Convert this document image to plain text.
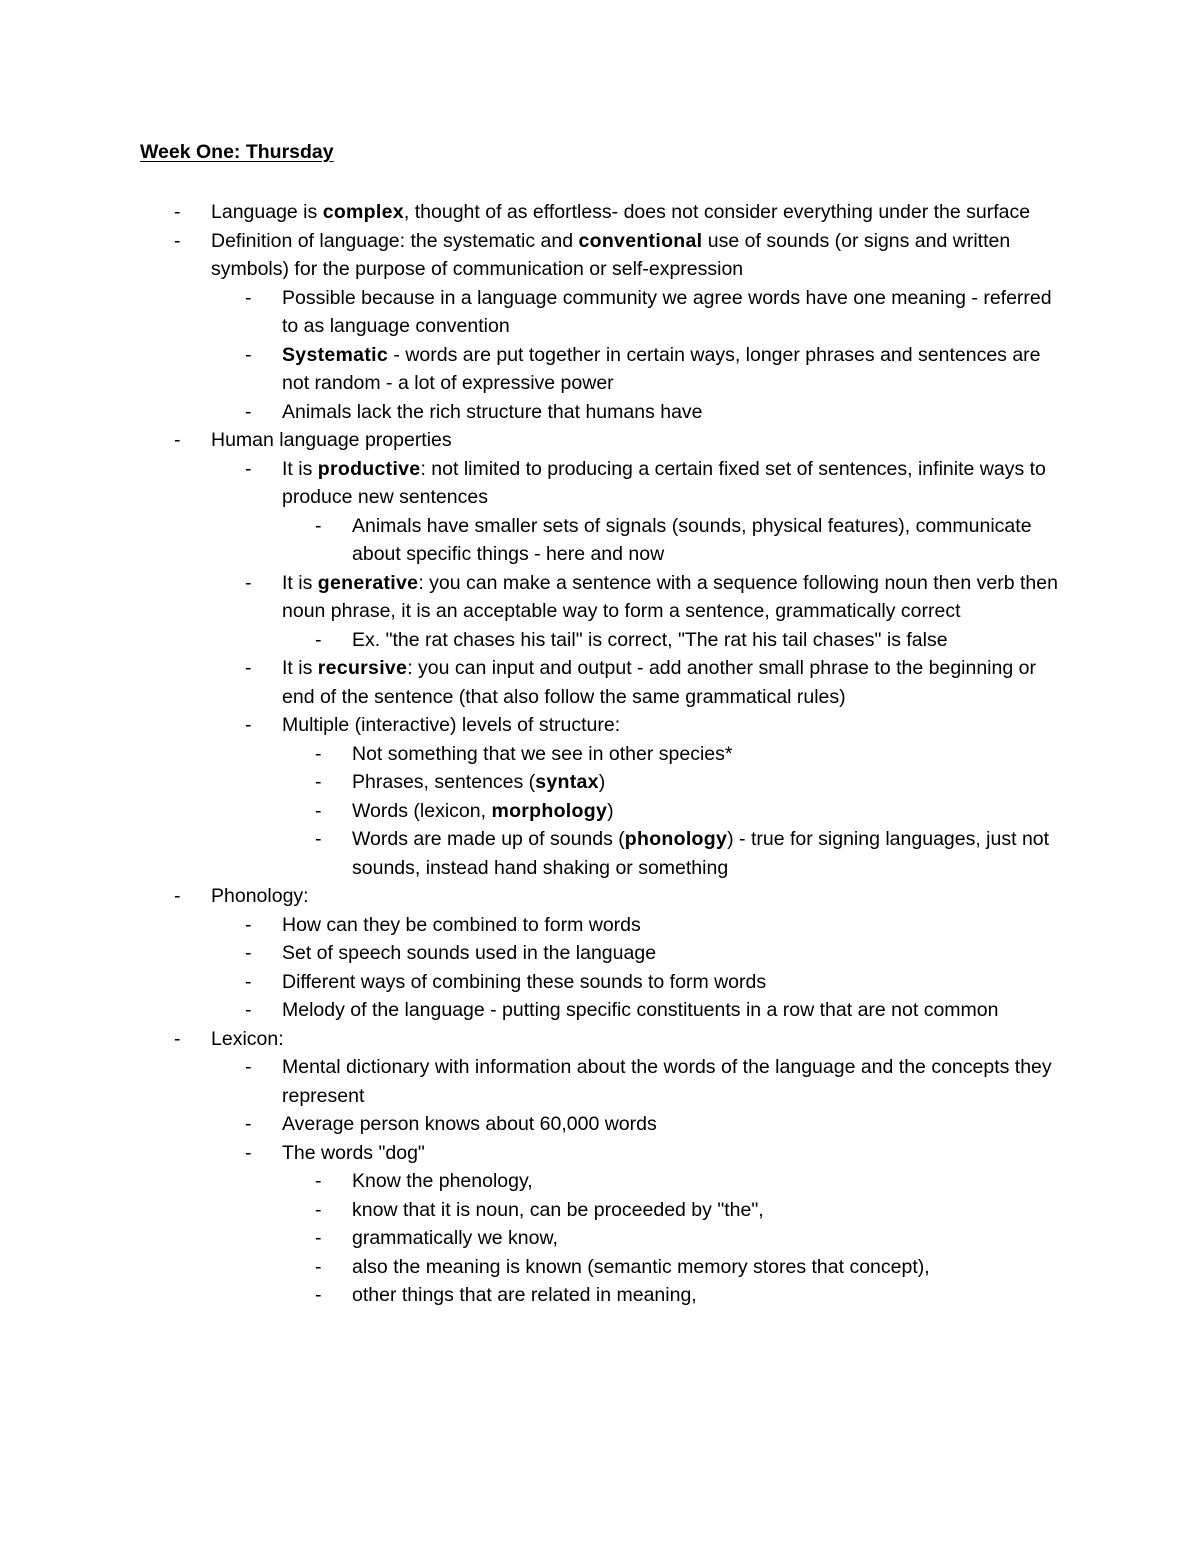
Week One: Thursday
- Language is complex, thought of as effortless- does not consider everything under the surface
- Definition of language: the systematic and conventional use of sounds (or signs and written symbols) for the purpose of communication or self-expression
- Possible because in a language community we agree words have one meaning - referred to as language convention
- Systematic - words are put together in certain ways, longer phrases and sentences are not random - a lot of expressive power
- Animals lack the rich structure that humans have
- Human language properties
- It is productive: not limited to producing a certain fixed set of sentences, infinite ways to produce new sentences
- Animals have smaller sets of signals (sounds, physical features), communicate about specific things - here and now
- It is generative: you can make a sentence with a sequence following noun then verb then noun phrase, it is an acceptable way to form a sentence, grammatically correct
- Ex. "the rat chases his tail" is correct, "The rat his tail chases" is false
- It is recursive: you can input and output - add another small phrase to the beginning or end of the sentence (that also follow the same grammatical rules)
- Multiple (interactive) levels of structure:
- Not something that we see in other species*
- Phrases, sentences (syntax)
- Words (lexicon, morphology)
- Words are made up of sounds (phonology) - true for signing languages, just not sounds, instead hand shaking or something
- Phonology:
- How can they be combined to form words
- Set of speech sounds used in the language
- Different ways of combining these sounds to form words
- Melody of the language - putting specific constituents in a row that are not common
- Lexicon:
- Mental dictionary with information about the words of the language and the concepts they represent
- Average person knows about 60,000 words
- The words "dog"
- Know the phenology,
- know that it is noun, can be proceeded by "the",
- grammatically we know,
- also the meaning is known (semantic memory stores that concept),
- other things that are related in meaning,
